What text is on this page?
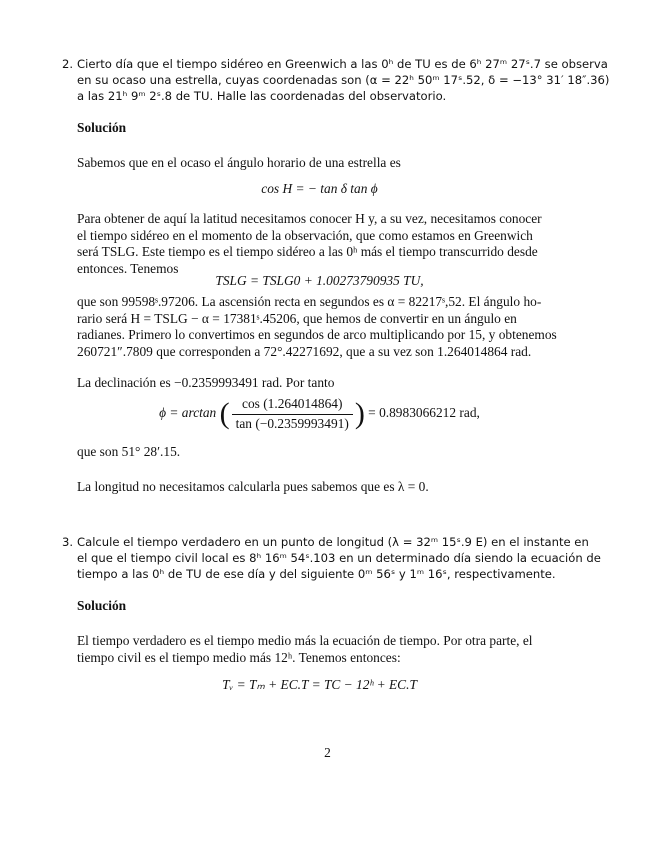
2. Cierto día que el tiempo sidéreo en Greenwich a las 0ʰ de TU es de 6ʰ 27ᵐ 27ˢ.7 se observa
en su ocaso una estrella, cuyas coordenadas son (α = 22ʰ 50ᵐ 17ˢ.52, δ = −13° 31′ 18″.36)
a las 21ʰ 9ᵐ 2ˢ.8 de TU. Halle las coordenadas del observatorio.
Solución
Sabemos que en el ocaso el ángulo horario de una estrella es
cos H = − tan δ tan ϕ
Para obtener de aquí la latitud necesitamos conocer H y, a su vez, necesitamos conocer
el tiempo sidéreo en el momento de la observación, que como estamos en Greenwich
será TSLG. Este tiempo es el tiempo sidéreo a las 0ʰ más el tiempo transcurrido desde
entonces. Tenemos
TSLG = TSLG0 + 1.00273790935 TU,
que son 99598ˢ.97206. La ascensión recta en segundos es α = 82217ˢ,52. El ángulo ho-
rario será H = TSLG − α = 17381ˢ.45206, que hemos de convertir en un ángulo en
radianes. Primero lo convertimos en segundos de arco multiplicando por 15, y obtenemos
260721″.7809 que corresponden a 72°.42271692, que a su vez son 1.264014864 rad.
La declinación es −0.2359993491 rad. Por tanto
ϕ = arctan ( $\frac{\cos (1.264014864)}{\tan (-0.2359993491)}$ ) = 0.8983066212 rad,
que son 51° 28′.15.
La longitud no necesitamos calcularla pues sabemos que es λ = 0.
3. Calcule el tiempo verdadero en un punto de longitud (λ = 32ᵐ 15ˢ.9 E) en el instante en
el que el tiempo civil local es 8ʰ 16ᵐ 54ˢ.103 en un determinado día siendo la ecuación de
tiempo a las 0ʰ de TU de ese día y del siguiente 0ᵐ 56ˢ y 1ᵐ 16ˢ, respectivamente.
Solución
El tiempo verdadero es el tiempo medio más la ecuación de tiempo. Por otra parte, el
tiempo civil es el tiempo medio más 12ʰ. Tenemos entonces:
Tᵥ = Tₘ + EC.T = TC − 12ʰ + EC.T
2
